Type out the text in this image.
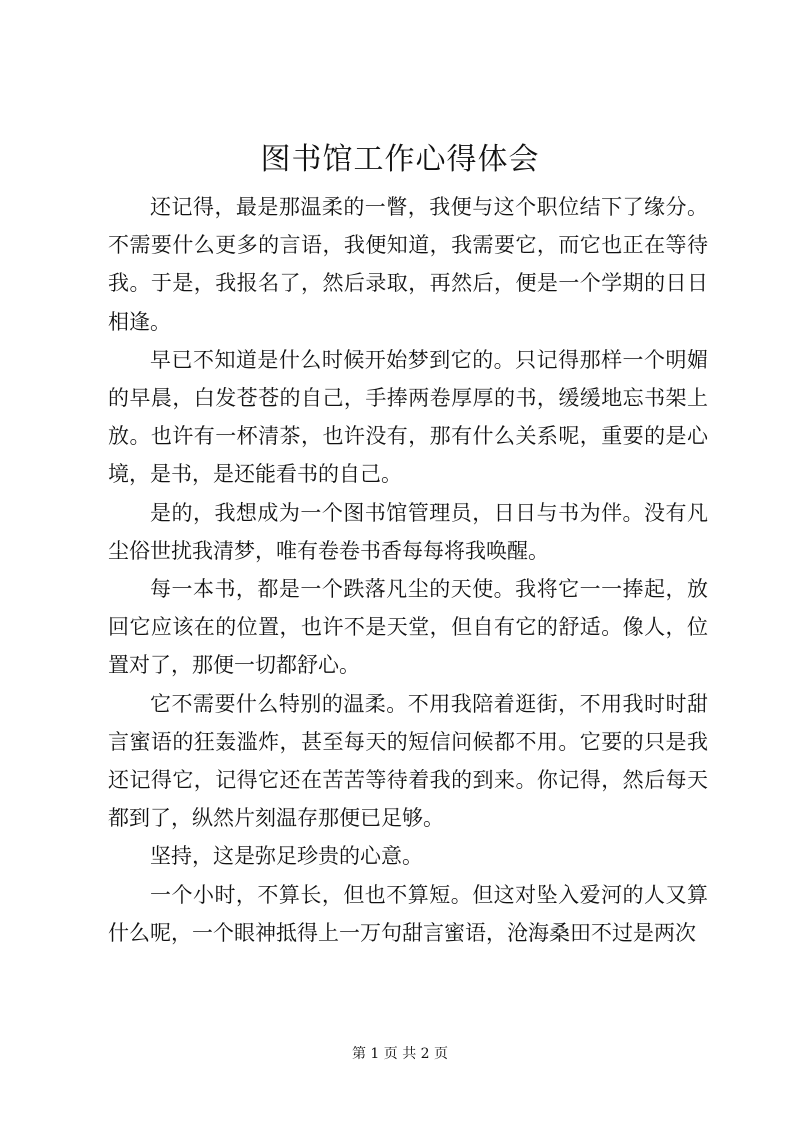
图书馆工作心得体会

还记得，最是那温柔的一瞥，我便与这个职位结下了缘分。不需要什么更多的言语，我便知道，我需要它，而它也正在等待我。于是，我报名了，然后录取，再然后，便是一个学期的日日相逢。

早已不知道是什么时候开始梦到它的。只记得那样一个明媚的早晨，白发苍苍的自己，手捧两卷厚厚的书，缓缓地忘书架上放。也许有一杯清茶，也许没有，那有什么关系呢，重要的是心境，是书，是还能看书的自己。

是的，我想成为一个图书馆管理员，日日与书为伴。没有凡尘俗世扰我清梦，唯有卷卷书香每每将我唤醒。

每一本书，都是一个跌落凡尘的天使。我将它一一捧起，放回它应该在的位置，也许不是天堂，但自有它的舒适。像人，位置对了，那便一切都舒心。

它不需要什么特别的温柔。不用我陪着逛街，不用我时时甜言蜜语的狂轰滥炸，甚至每天的短信问候都不用。它要的只是我还记得它，记得它还在苦苦等待着我的到来。你记得，然后每天都到了，纵然片刻温存那便已足够。

坚持，这是弥足珍贵的心意。

一个小时，不算长，但也不算短。但这对坠入爱河的人又算什么呢，一个眼神抵得上一万句甜言蜜语，沧海桑田不过是两次

第 1 页 共 2 页
